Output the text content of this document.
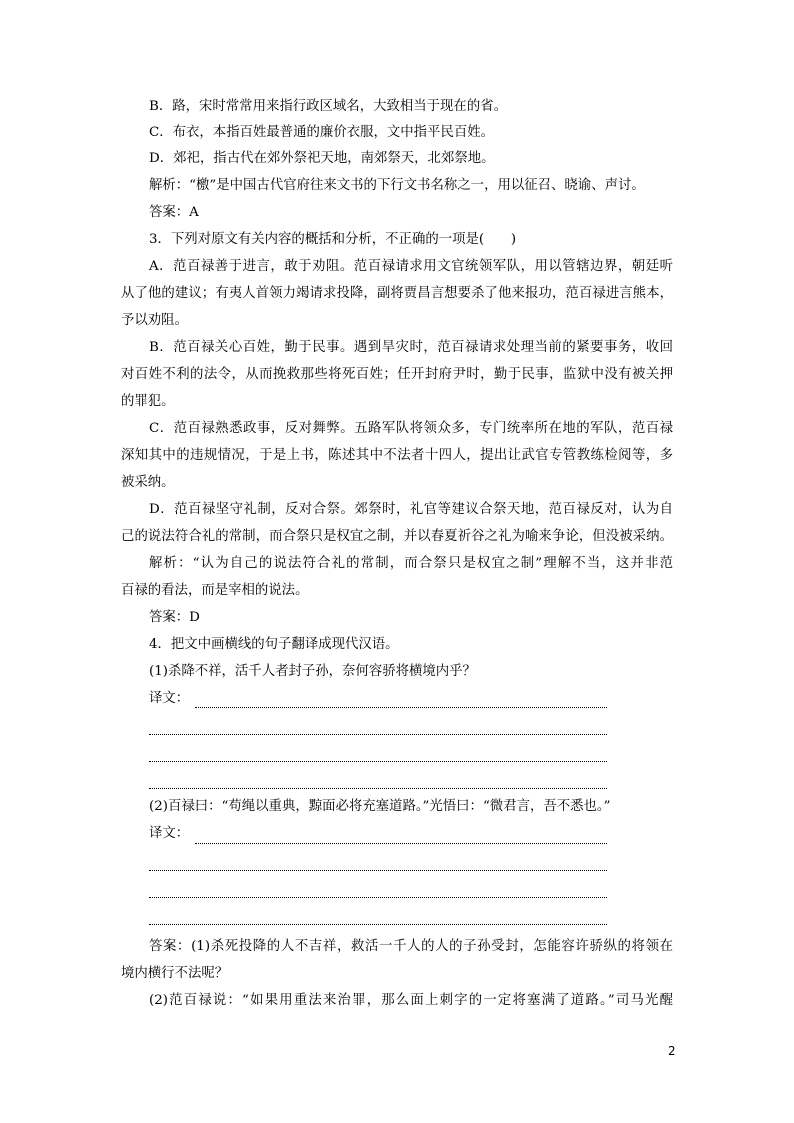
B．路，宋时常常用来指行政区域名，大致相当于现在的省。
C．布衣，本指百姓最普通的廉价衣服，文中指平民百姓。
D．郊祀，指古代在郊外祭祀天地，南郊祭天，北郊祭地。
解析：“檄”是中国古代官府往来文书的下行文书名称之一，用以征召、晓谕、声讨。
答案：A
3．下列对原文有关内容的概括和分析，不正确的一项是(　　)
A．范百禄善于进言，敢于劝阻。范百禄请求用文官统领军队，用以管辖边界，朝廷听
从了他的建议；有夷人首领力竭请求投降，副将贾昌言想要杀了他来报功，范百禄进言熊本，
予以劝阻。
B．范百禄关心百姓，勤于民事。遇到旱灾时，范百禄请求处理当前的紧要事务，收回
对百姓不利的法令，从而挽救那些将死百姓；任开封府尹时，勤于民事，监狱中没有被关押
的罪犯。
C．范百禄熟悉政事，反对舞弊。五路军队将领众多，专门统率所在地的军队，范百禄
深知其中的违规情况，于是上书，陈述其中不法者十四人，提出让武官专管教练检阅等，多
被采纳。
D．范百禄坚守礼制，反对合祭。郊祭时，礼官等建议合祭天地，范百禄反对，认为自
己的说法符合礼的常制，而合祭只是权宜之制，并以春夏祈谷之礼为喻来争论，但没被采纳。
解析：“认为自己的说法符合礼的常制，而合祭只是权宜之制”理解不当，这并非范
百禄的看法，而是宰相的说法。
答案：D
4．把文中画横线的句子翻译成现代汉语。
(1)杀降不祥，活千人者封子孙，奈何容骄将横境内乎？
译文：
(2)百禄曰：“苟绳以重典，黥面必将充塞道路。”光悟曰：“微君言，吾不悉也。”
译文：
答案：(1)杀死投降的人不吉祥，救活一千人的人的子孙受封，怎能容许骄纵的将领在
境内横行不法呢？
(2)范百禄说：“如果用重法来治罪，那么面上刺字的一定将塞满了道路。”司马光醒
2
